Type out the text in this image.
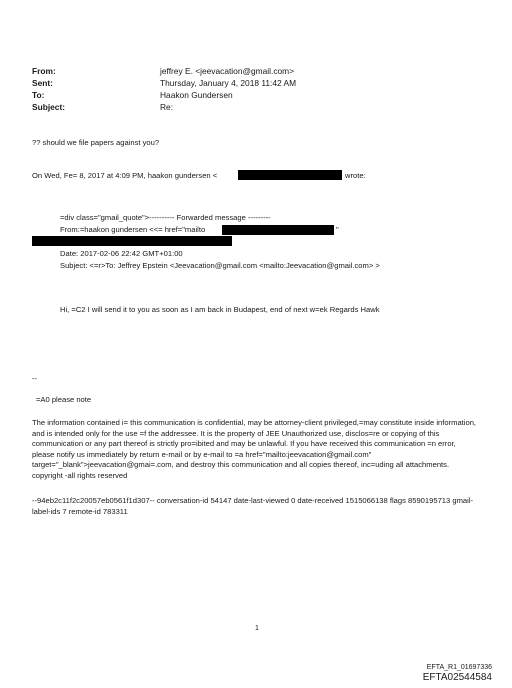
From:	jeffrey E. <jeevacation@gmail.com>
Sent:	Thursday, January 4, 2018 11:42 AM
To:	Haakon Gundersen
Subject:	Re:
?? should we file papers against you?
On Wed, Fe= 8, 2017 at 4:09 PM, haakon gundersen <	wrote:
=div class="gmail_quote">---------- Forwarded message ---------
From:=haakon gundersen <<= href="mailto	"
Date: 2017-02-06 22:42 GMT+01:00
Subject: <=r>To: Jeffrey Epstein <Jeevacation@gmail.com <mailto:Jeevacation@gmail.com> >
Hi, =C2 I will send it to you as soon as I am back in Budapest, end of next w=ek Regards Hawk
--
=A0 please note
The information contained i= this communication is confidential, may be attorney-client privileged,=may constitute inside information, and is intended only for the use =f the addressee. It is the property of JEE Unauthorized use, disclos=re or copying of this communication or any part thereof is strictly pro=ibited and may be unlawful. If you have received this communication =n error, please notify us immediately by return e-mail or by e-mail to =a href="mailto:jeevacation@gmail.com" target="_blank">jeevacation@gmai=.com, and destroy this communication and all copies thereof, inc=uding all attachments. copyright -all rights reserved
--94eb2c11f2c20057eb0561f1d307-- conversation-id 54147 date-last-viewed 0 date-received 1515066138 flags 8590195713 gmail-label-ids 7 remote-id 783311
1
EFTA_R1_01697336
EFTA02544584
